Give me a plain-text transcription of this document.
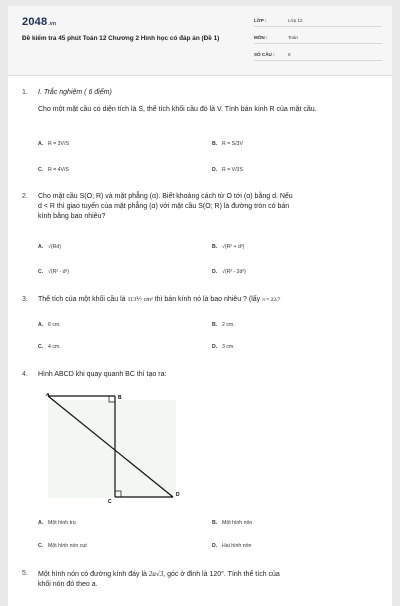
2048.vn
Đề kiểm tra 45 phút Toán 12 Chương 2 Hình học có đáp án (Đề 1)
LỚP :	Lớp 12
MÔN :	Toán
SỐ CÂU :	8
1. I. Trắc nghiệm ( 6 điểm)
Cho một mặt cầu có diện tích là S, thể tích khối cầu đó là V. Tính bán kính R của mặt cầu.
A. R = 3V/S	B. R = S/3V
C. R = 4V/S	D. R = V/3S
2. Cho mặt cầu S(O; R) và mặt phẳng (α). Biết khoảng cách từ O tới (α) bằng d. Nếu
d < R thì giao tuyến của mặt phẳng (α) với mặt cầu S(O; R) là đường tròn có bán
kính bằng bao nhiêu?
A. √(Rd)	B. √(R² + d²)
C. √(R² - d²)	D. √(R² - 2d²)
3. Thể tích của một khối cầu là 113⅐ cm³ thì bán kính nó là bao nhiêu ? (lấy π ≈ 22/7
A. 6 cm.	B. 2 cm.
C. 4 cm.	D. 3 cm.
4. Hình ABCD khi quay quanh BC thì tạo ra:
A	B
C
D
A. Một hình trụ	B. Một hình nón
C. Một hình nón cụt	D. Hai hình nón
5. Một hình nón có đường kính đáy là 2a√3, góc ở đỉnh là 120°. Tính thể tích của
khối nón đó theo a.
